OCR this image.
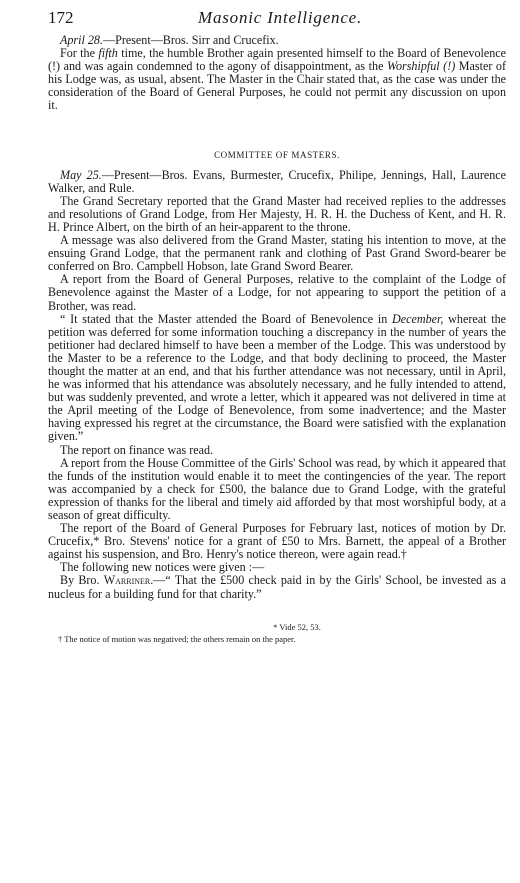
172	Masonic Intelligence.

April 28.—Present—Bros. Sirr and Crucefix.

For the fifth time, the humble Brother again presented himself to the Board of Benevolence (!) and was again condemned to the agony of disappointment, as the Worshipful (!) Master of his Lodge was, as usual, absent. The Master in the Chair stated that, as the case was under the consideration of the Board of General Purposes, he could not permit any discussion on upon it.

COMMITTEE OF MASTERS.

May 25.—Present—Bros. Evans, Burmester, Crucefix, Philipe, Jennings, Hall, Laurence Walker, and Rule.

The Grand Secretary reported that the Grand Master had received replies to the addresses and resolutions of Grand Lodge, from Her Majesty, H. R. H. the Duchess of Kent, and H. R. H. Prince Albert, on the birth of an heir-apparent to the throne.

A message was also delivered from the Grand Master, stating his intention to move, at the ensuing Grand Lodge, that the permanent rank and clothing of Past Grand Sword-bearer be conferred on Bro. Campbell Hobson, late Grand Sword Bearer.

A report from the Board of General Purposes, relative to the complaint of the Lodge of Benevolence against the Master of a Lodge, for not appearing to support the petition of a Brother, was read.

“ It stated that the Master attended the Board of Benevolence in December, whereat the petition was deferred for some information touching a discrepancy in the number of years the petitioner had declared himself to have been a member of the Lodge. This was understood by the Master to be a reference to the Lodge, and that body declining to proceed, the Master thought the matter at an end, and that his further attendance was not necessary, until in April, he was informed that his attendance was absolutely necessary, and he fully intended to attend, but was suddenly prevented, and wrote a letter, which it appeared was not delivered in time at the April meeting of the Lodge of Benevolence, from some inadvertence; and the Master having expressed his regret at the circumstance, the Board were satisfied with the explanation given.”

The report on finance was read.

A report from the House Committee of the Girls' School was read, by which it appeared that the funds of the institution would enable it to meet the contingencies of the year. The report was accompanied by a check for £500, the balance due to Grand Lodge, with the grateful expression of thanks for the liberal and timely aid afforded by that most worshipful body, at a season of great difficulty.

The report of the Board of General Purposes for February last, notices of motion by Dr. Crucefix,* Bro. Stevens' notice for a grant of £50 to Mrs. Barnett, the appeal of a Brother against his suspension, and Bro. Henry's notice thereon, were again read.†

The following new notices were given :—

By Bro. Warriner.—“ That the £500 check paid in by the Girls' School, be invested as a nucleus for a building fund for that charity.”

* Vide 52, 53.

† The notice of motion was negatived; the others remain on the paper.
